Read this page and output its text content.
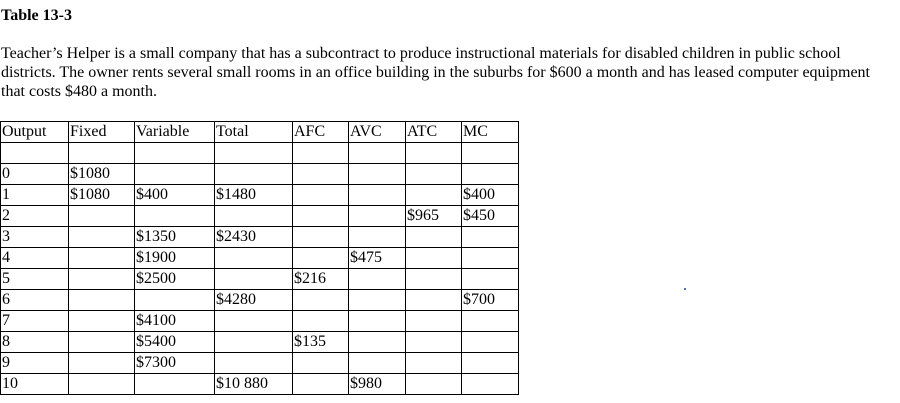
Table 13-3

Teacher’s Helper is a small company that has a subcontract to produce instructional materials for disabled children in public school districts. The owner rents several small rooms in an office building in the suburbs for $600 a month and has leased computer equipment that costs $480 a month.

Output	Fixed	Variable	Total	AFC	AVC	ATC	MC

0	$1080						
1	$1080	$400	$1480				$400
2						$965	$450
3		$1350	$2430				
4		$1900			$475		
5		$2500		$216			
6			$4280				$700
7		$4100					
8		$5400		$135			
9		$7300					
10			$10 880		$980		
